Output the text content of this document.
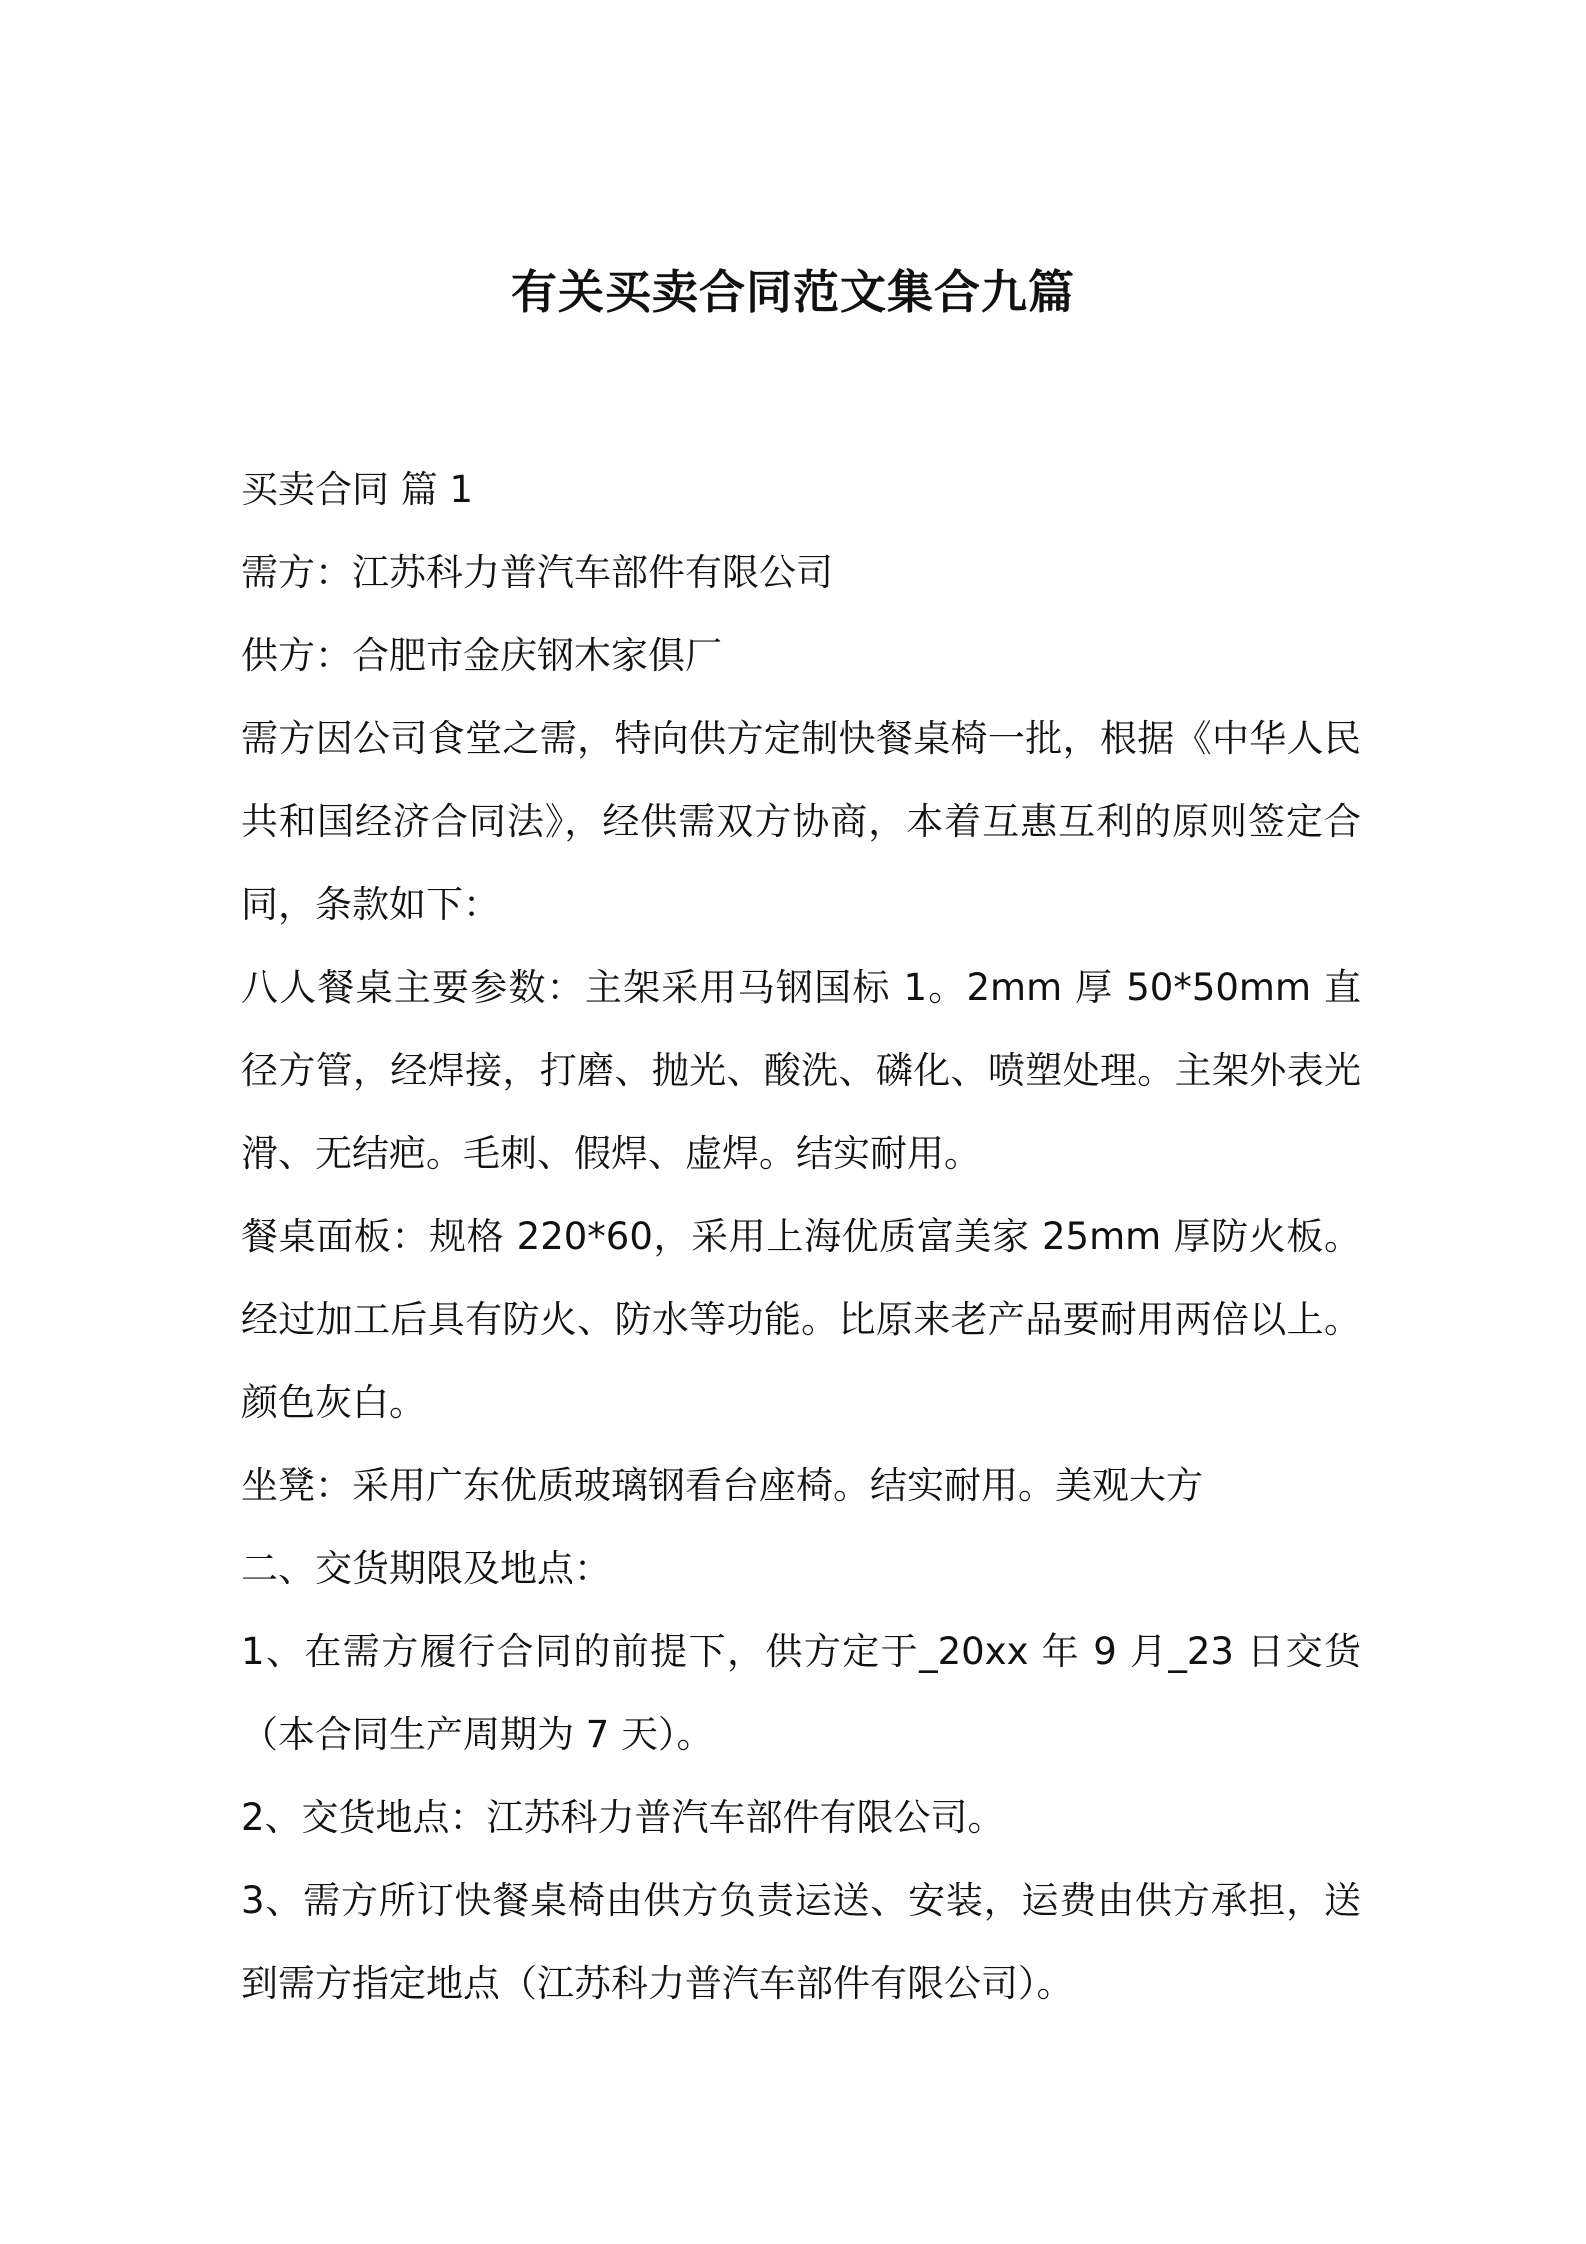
有关买卖合同范文集合九篇

买卖合同 篇 1

需方：江苏科力普汽车部件有限公司

供方：合肥市金庆钢木家俱厂

需方因公司食堂之需，特向供方定制快餐桌椅一批，根据《中华人民共和国经济合同法》，经供需双方协商，本着互惠互利的原则签定合同，条款如下：

八人餐桌主要参数：主架采用马钢国标 1。2mm 厚 50*50mm 直径方管，经焊接，打磨、抛光、酸洗、磷化、喷塑处理。主架外表光滑、无结疤。毛刺、假焊、虚焊。结实耐用。

餐桌面板：规格 220*60，采用上海优质富美家 25mm 厚防火板。经过加工后具有防火、防水等功能。比原来老产品要耐用两倍以上。颜色灰白。

坐凳：采用广东优质玻璃钢看台座椅。结实耐用。美观大方

二、交货期限及地点：

1、在需方履行合同的前提下，供方定于_20xx 年 9 月_23 日交货（本合同生产周期为 7 天）。

2、交货地点：江苏科力普汽车部件有限公司。

3、需方所订快餐桌椅由供方负责运送、安装，运费由供方承担，送到需方指定地点（江苏科力普汽车部件有限公司）。
